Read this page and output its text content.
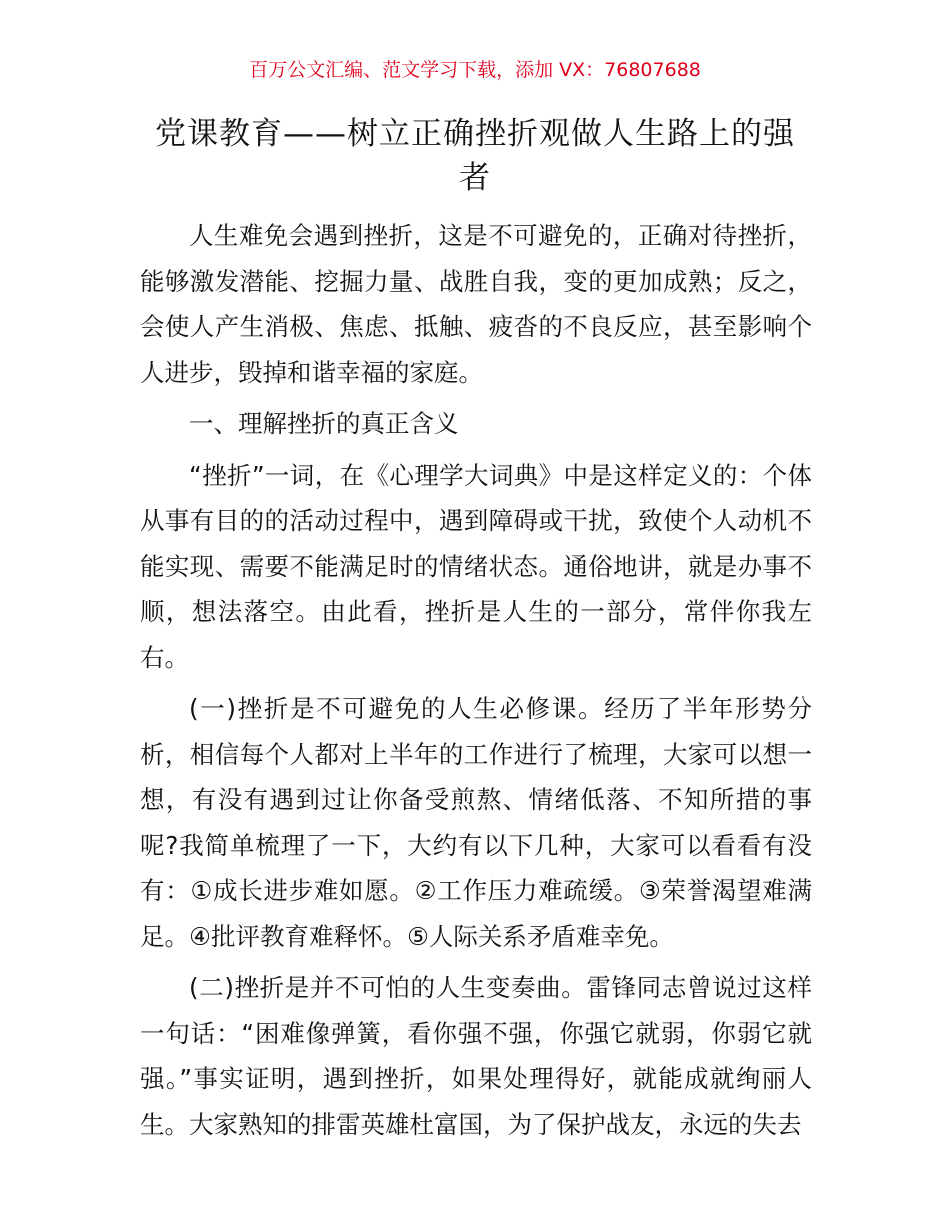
百万公文汇编、范文学习下载，添加 VX：76807688
党课教育——树立正确挫折观做人生路上的强者

人生难免会遇到挫折，这是不可避免的，正确对待挫折，能够激发潜能、挖掘力量、战胜自我，变的更加成熟；反之，会使人产生消极、焦虑、抵触、疲沓的不良反应，甚至影响个人进步，毁掉和谐幸福的家庭。

一、理解挫折的真正含义

“挫折”一词，在《心理学大词典》中是这样定义的：个体从事有目的的活动过程中，遇到障碍或干扰，致使个人动机不能实现、需要不能满足时的情绪状态。通俗地讲，就是办事不顺，想法落空。由此看，挫折是人生的一部分，常伴你我左右。

(一)挫折是不可避免的人生必修课。经历了半年形势分析，相信每个人都对上半年的工作进行了梳理，大家可以想一想，有没有遇到过让你备受煎熬、情绪低落、不知所措的事呢?我简单梳理了一下，大约有以下几种，大家可以看看有没有：①成长进步难如愿。②工作压力难疏缓。③荣誉渴望难满足。④批评教育难释怀。⑤人际关系矛盾难幸免。

(二)挫折是并不可怕的人生变奏曲。雷锋同志曾说过这样一句话：“困难像弹簧，看你强不强，你强它就弱，你弱它就强。”事实证明，遇到挫折，如果处理得好，就能成就绚丽人生。大家熟知的排雷英雄杜富国，为了保护战友，永远的失去
